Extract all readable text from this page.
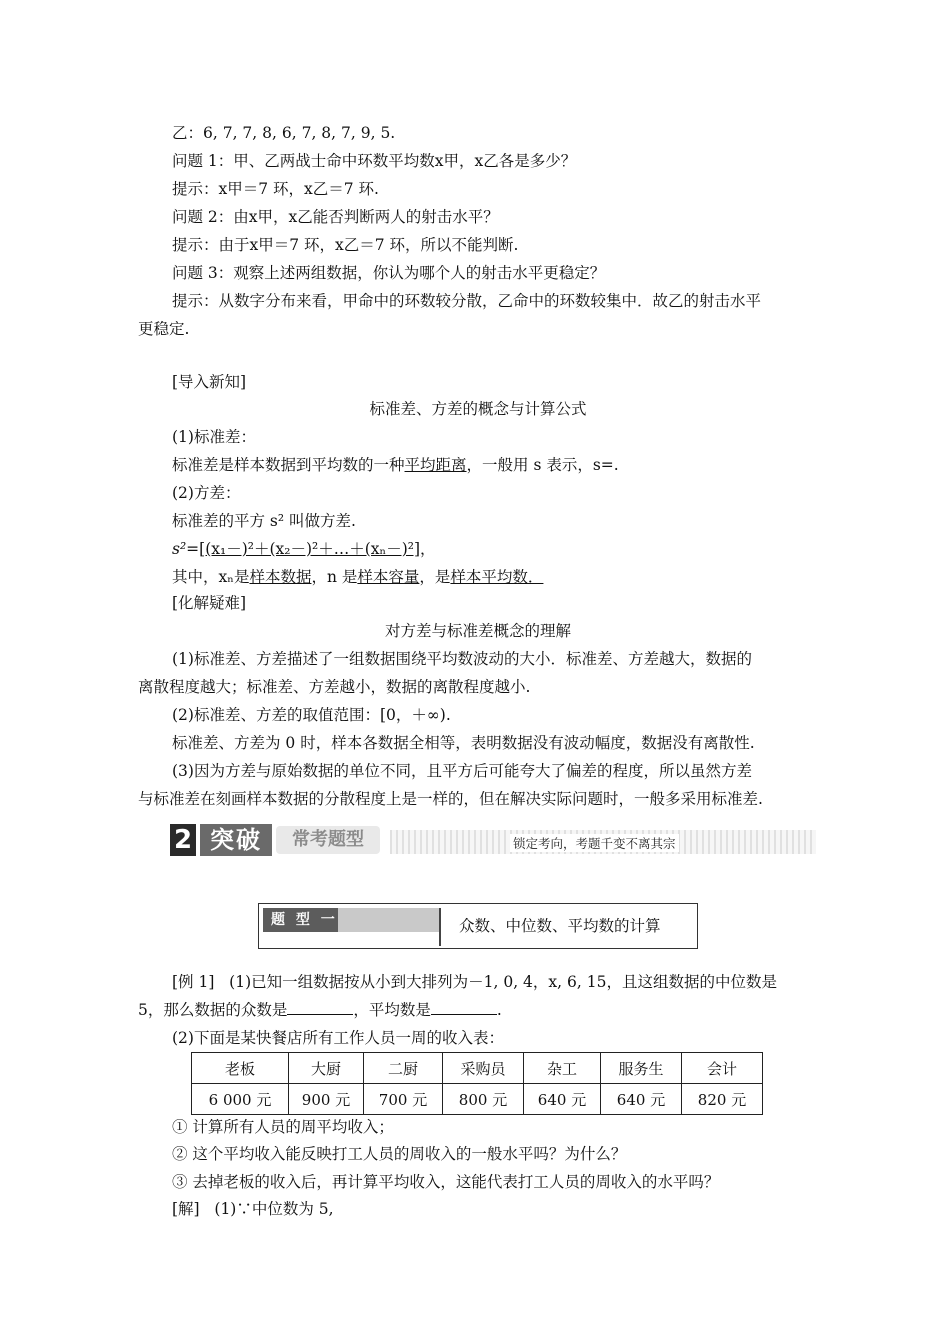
乙：6, 7, 7, 8, 6, 7, 8, 7, 9, 5.
问题 1：甲、乙两战士命中环数平均数x甲，x乙各是多少？
提示：x甲＝7 环，x乙＝7 环.
问题 2：由x甲，x乙能否判断两人的射击水平？
提示：由于x甲＝7 环，x乙＝7 环，所以不能判断.
问题 3：观察上述两组数据，你认为哪个人的射击水平更稳定？
提示：从数字分布来看，甲命中的环数较分散，乙命中的环数较集中．故乙的射击水平
更稳定.
[导入新知]
标准差、方差的概念与计算公式
(1)标准差：
标准差是样本数据到平均数的一种平均距离，一般用 s 表示，s=.
(2)方差：
标准差的平方 s² 叫做方差.
s²=[(x₁－)²＋(x₂－)²＋…＋(xₙ－)²]，
其中，xₙ是样本数据，n 是样本容量，是样本平均数．
[化解疑难]
对方差与标准差概念的理解
(1)标准差、方差描述了一组数据围绕平均数波动的大小．标准差、方差越大，数据的
离散程度越大；标准差、方差越小，数据的离散程度越小.
(2)标准差、方差的取值范围：[0，＋∞).
标准差、方差为 0 时，样本各数据全相等，表明数据没有波动幅度，数据没有离散性.
(3)因为方差与原始数据的单位不同，且平方后可能夸大了偏差的程度，所以虽然方差
与标准差在刻画样本数据的分散程度上是一样的，但在解决实际问题时，一般多采用标准差.
2 突破	常考题型	锁定考向，考题千变不离其宗
题 型 一	众数、中位数、平均数的计算
[例 1] (1)已知一组数据按从小到大排列为－1, 0, 4，x, 6, 15，且这组数据的中位数是
5，那么数据的众数是	，平均数是	.
(2)下面是某快餐店所有工作人员一周的收入表：
老板	大厨	二厨	采购员	杂工	服务生	会计
6 000 元	900 元	700 元	800 元	640 元	640 元	820 元
① 计算所有人员的周平均收入；
② 这个平均收入能反映打工人员的周收入的一般水平吗？为什么？
③ 去掉老板的收入后，再计算平均收入，这能代表打工人员的周收入的水平吗？
[解] (1)∵中位数为 5,
